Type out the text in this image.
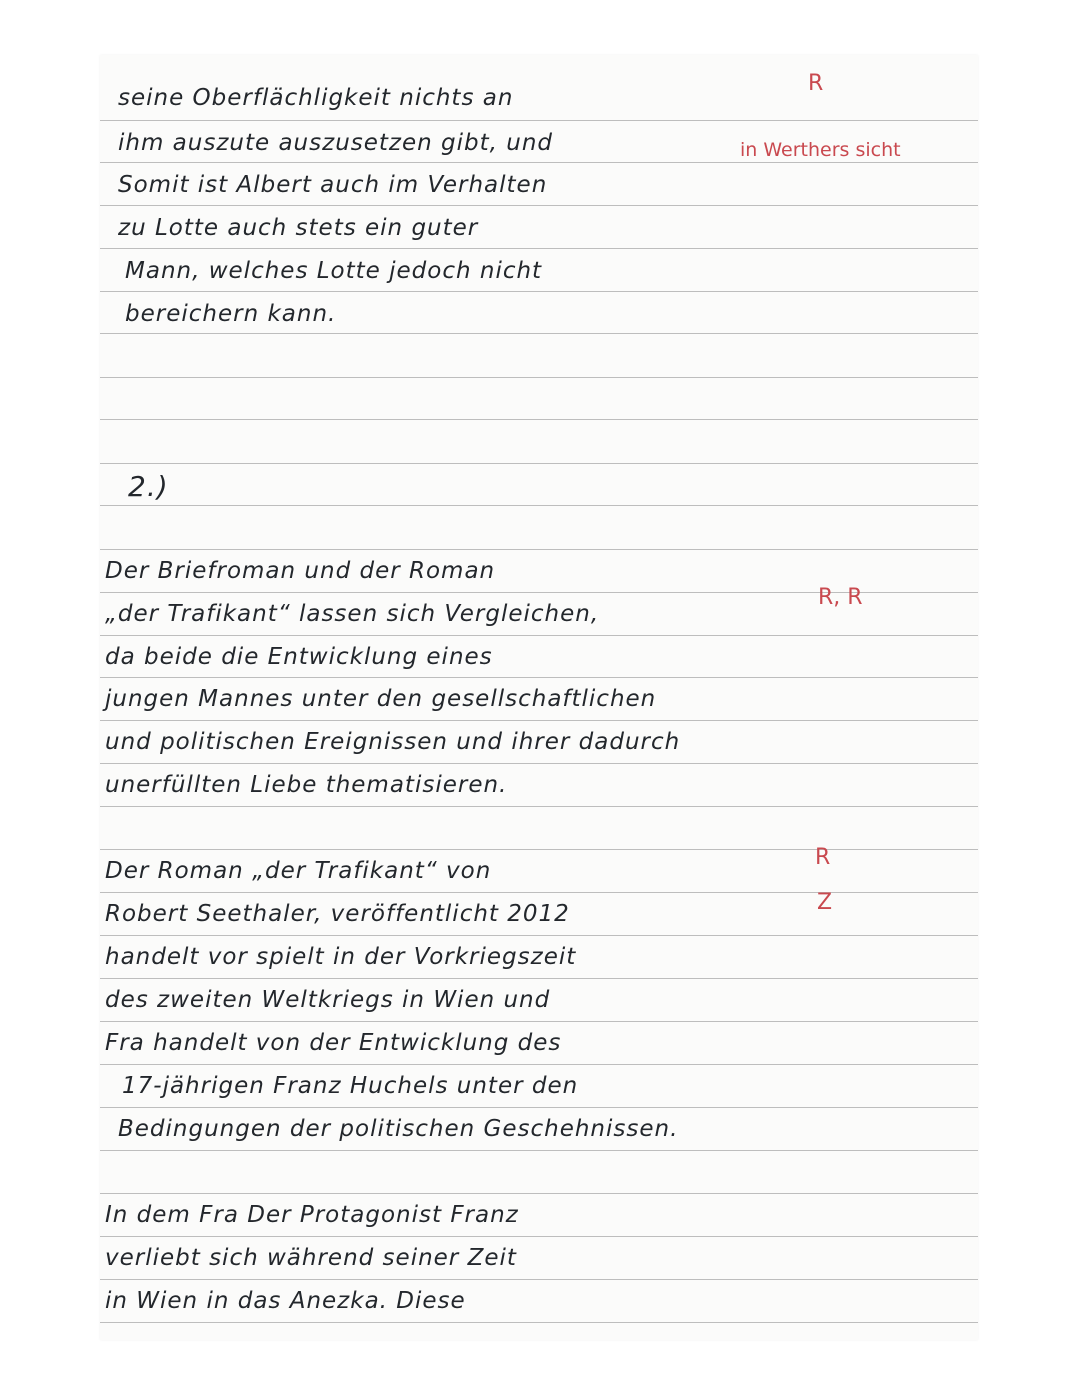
seine Oberflächligkeit nichts an
R
ihm auszute auszusetzen gibt, und
Somit ist Albert auch im Verhalten
in Werthers sicht
zu Lotte auch stets ein guter
Mann, welches Lotte jedoch nicht
bereichern kann.
2.)
Der Briefroman und der Roman
„der Trafikant“ lassen sich Vergleichen,
R, R
da beide die Entwicklung eines
jungen Mannes unter den gesellschaftlichen
und politischen Ereignissen und ihrer dadurch
unerfüllten Liebe thematisieren.
Der Roman „der Trafikant“ von
R
Robert Seethaler, veröffentlicht 2012	Z
handelt vor spielt in der Vorkriegszeit
des zweiten Weltkriegs in Wien und
Fra handelt von der Entwicklung des
17-jährigen Franz Huchels unter den
Bedingungen der politischen Geschehnissen.
In dem Fra Der Protagonist Franz
verliebt sich während seiner Zeit
in Wien in das Anezka. Diese
